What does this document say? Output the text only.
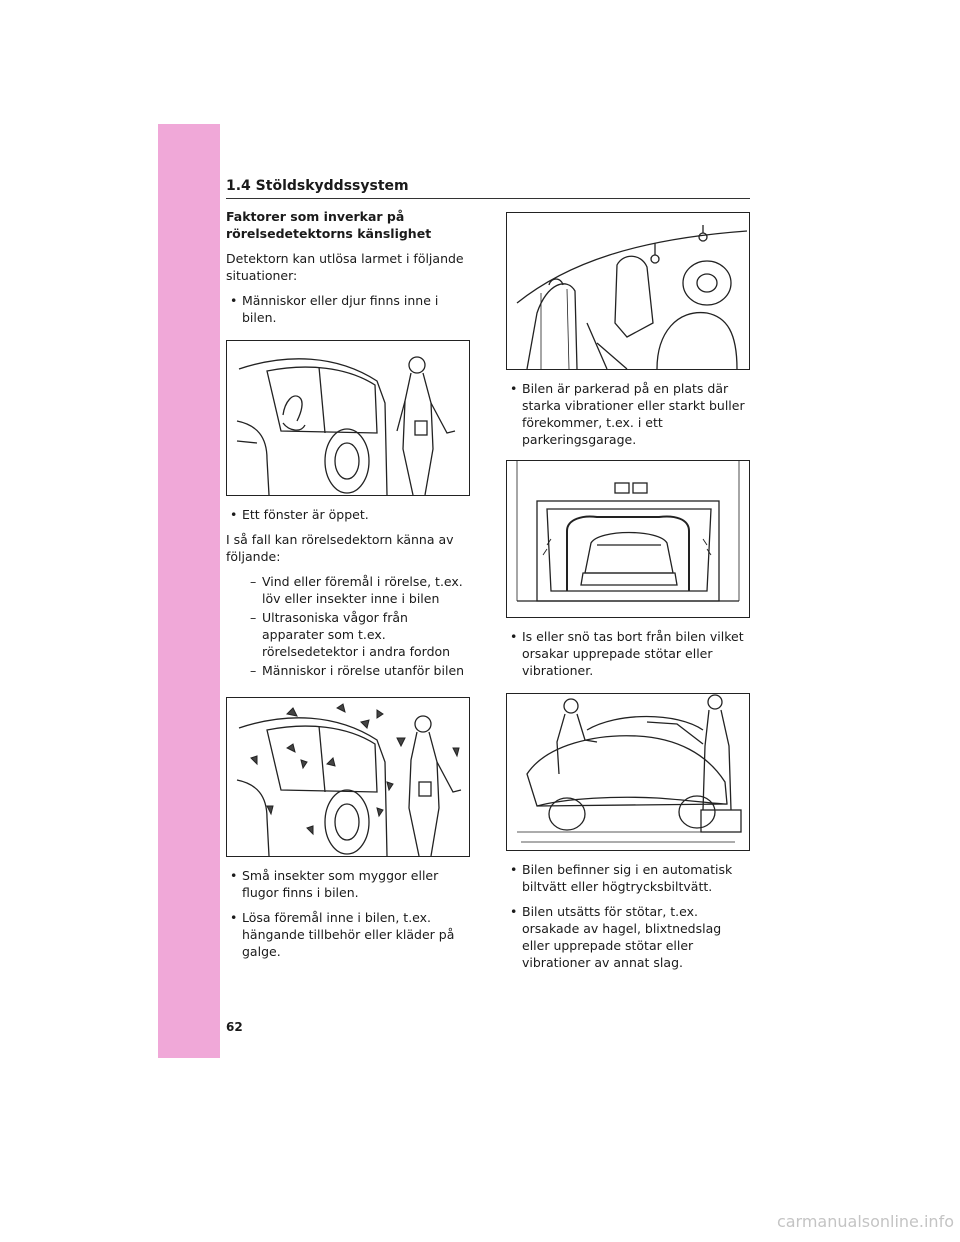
1.4 Stöldskyddssystem
Faktorer som inverkar på
rörelsedetektorns känslighet

Detektorn kan utlösa larmet i följande situationer:

• Människor eller djur finns inne i bilen.
• Ett fönster är öppet.

I så fall kan rörelsedektorn känna av följande:

– Vind eller föremål i rörelse, t.ex. löv eller insekter inne i bilen
– Ultrasoniska vågor från apparater som t.ex. rörelsedetektor i andra fordon
– Människor i rörelse utanför bilen
• Små insekter som myggor eller flugor finns i bilen.
• Lösa föremål inne i bilen, t.ex. hängande tillbehör eller kläder på galge.
• Bilen är parkerad på en plats där starka vibrationer eller starkt buller förekommer, t.ex. i ett parkeringsgarage.
• Is eller snö tas bort från bilen vilket orsakar upprepade stötar eller vibrationer.
• Bilen befinner sig i en automatisk biltvätt eller högtrycksbiltvätt.
• Bilen utsätts för stötar, t.ex. orsakade av hagel, blixtnedslag eller upprepade stötar eller vibrationer av annat slag.
62
carmanualsonline.info
